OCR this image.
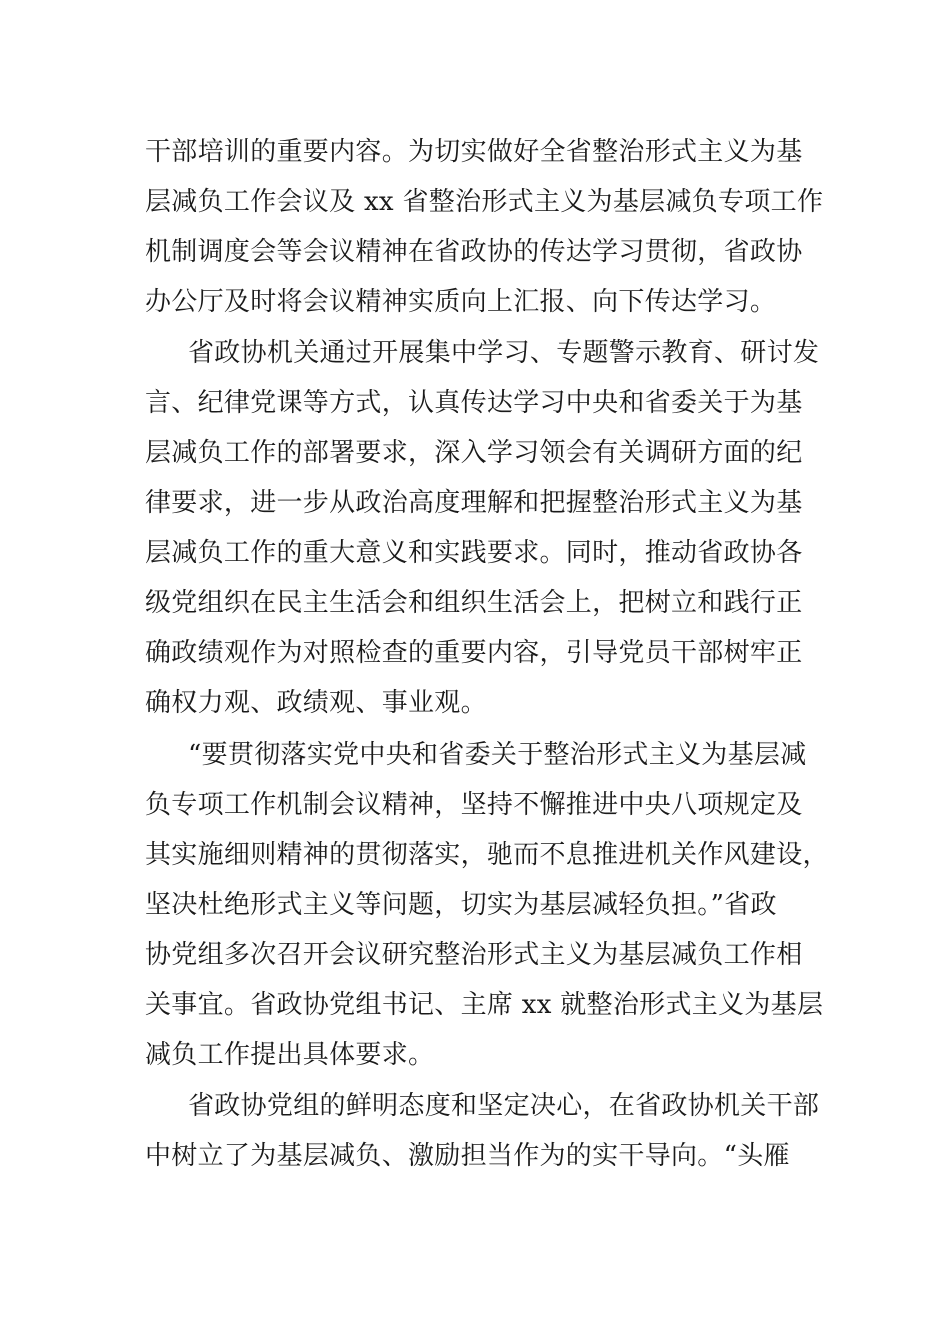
干部培训的重要内容。为切实做好全省整治形式主义为基
层减负工作会议及 xx 省整治形式主义为基层减负专项工作
机制调度会等会议精神在省政协的传达学习贯彻，省政协
办公厅及时将会议精神实质向上汇报、向下传达学习。
省政协机关通过开展集中学习、专题警示教育、研讨发
言、纪律党课等方式，认真传达学习中央和省委关于为基
层减负工作的部署要求，深入学习领会有关调研方面的纪
律要求，进一步从政治高度理解和把握整治形式主义为基
层减负工作的重大意义和实践要求。同时，推动省政协各
级党组织在民主生活会和组织生活会上，把树立和践行正
确政绩观作为对照检查的重要内容，引导党员干部树牢正
确权力观、政绩观、事业观。
“要贯彻落实党中央和省委关于整治形式主义为基层减
负专项工作机制会议精神，坚持不懈推进中央八项规定及
其实施细则精神的贯彻落实，驰而不息推进机关作风建设，
坚决杜绝形式主义等问题，切实为基层减轻负担。”省政
协党组多次召开会议研究整治形式主义为基层减负工作相
关事宜。省政协党组书记、主席 xx 就整治形式主义为基层
减负工作提出具体要求。
省政协党组的鲜明态度和坚定决心，在省政协机关干部
中树立了为基层减负、激励担当作为的实干导向。“头雁
